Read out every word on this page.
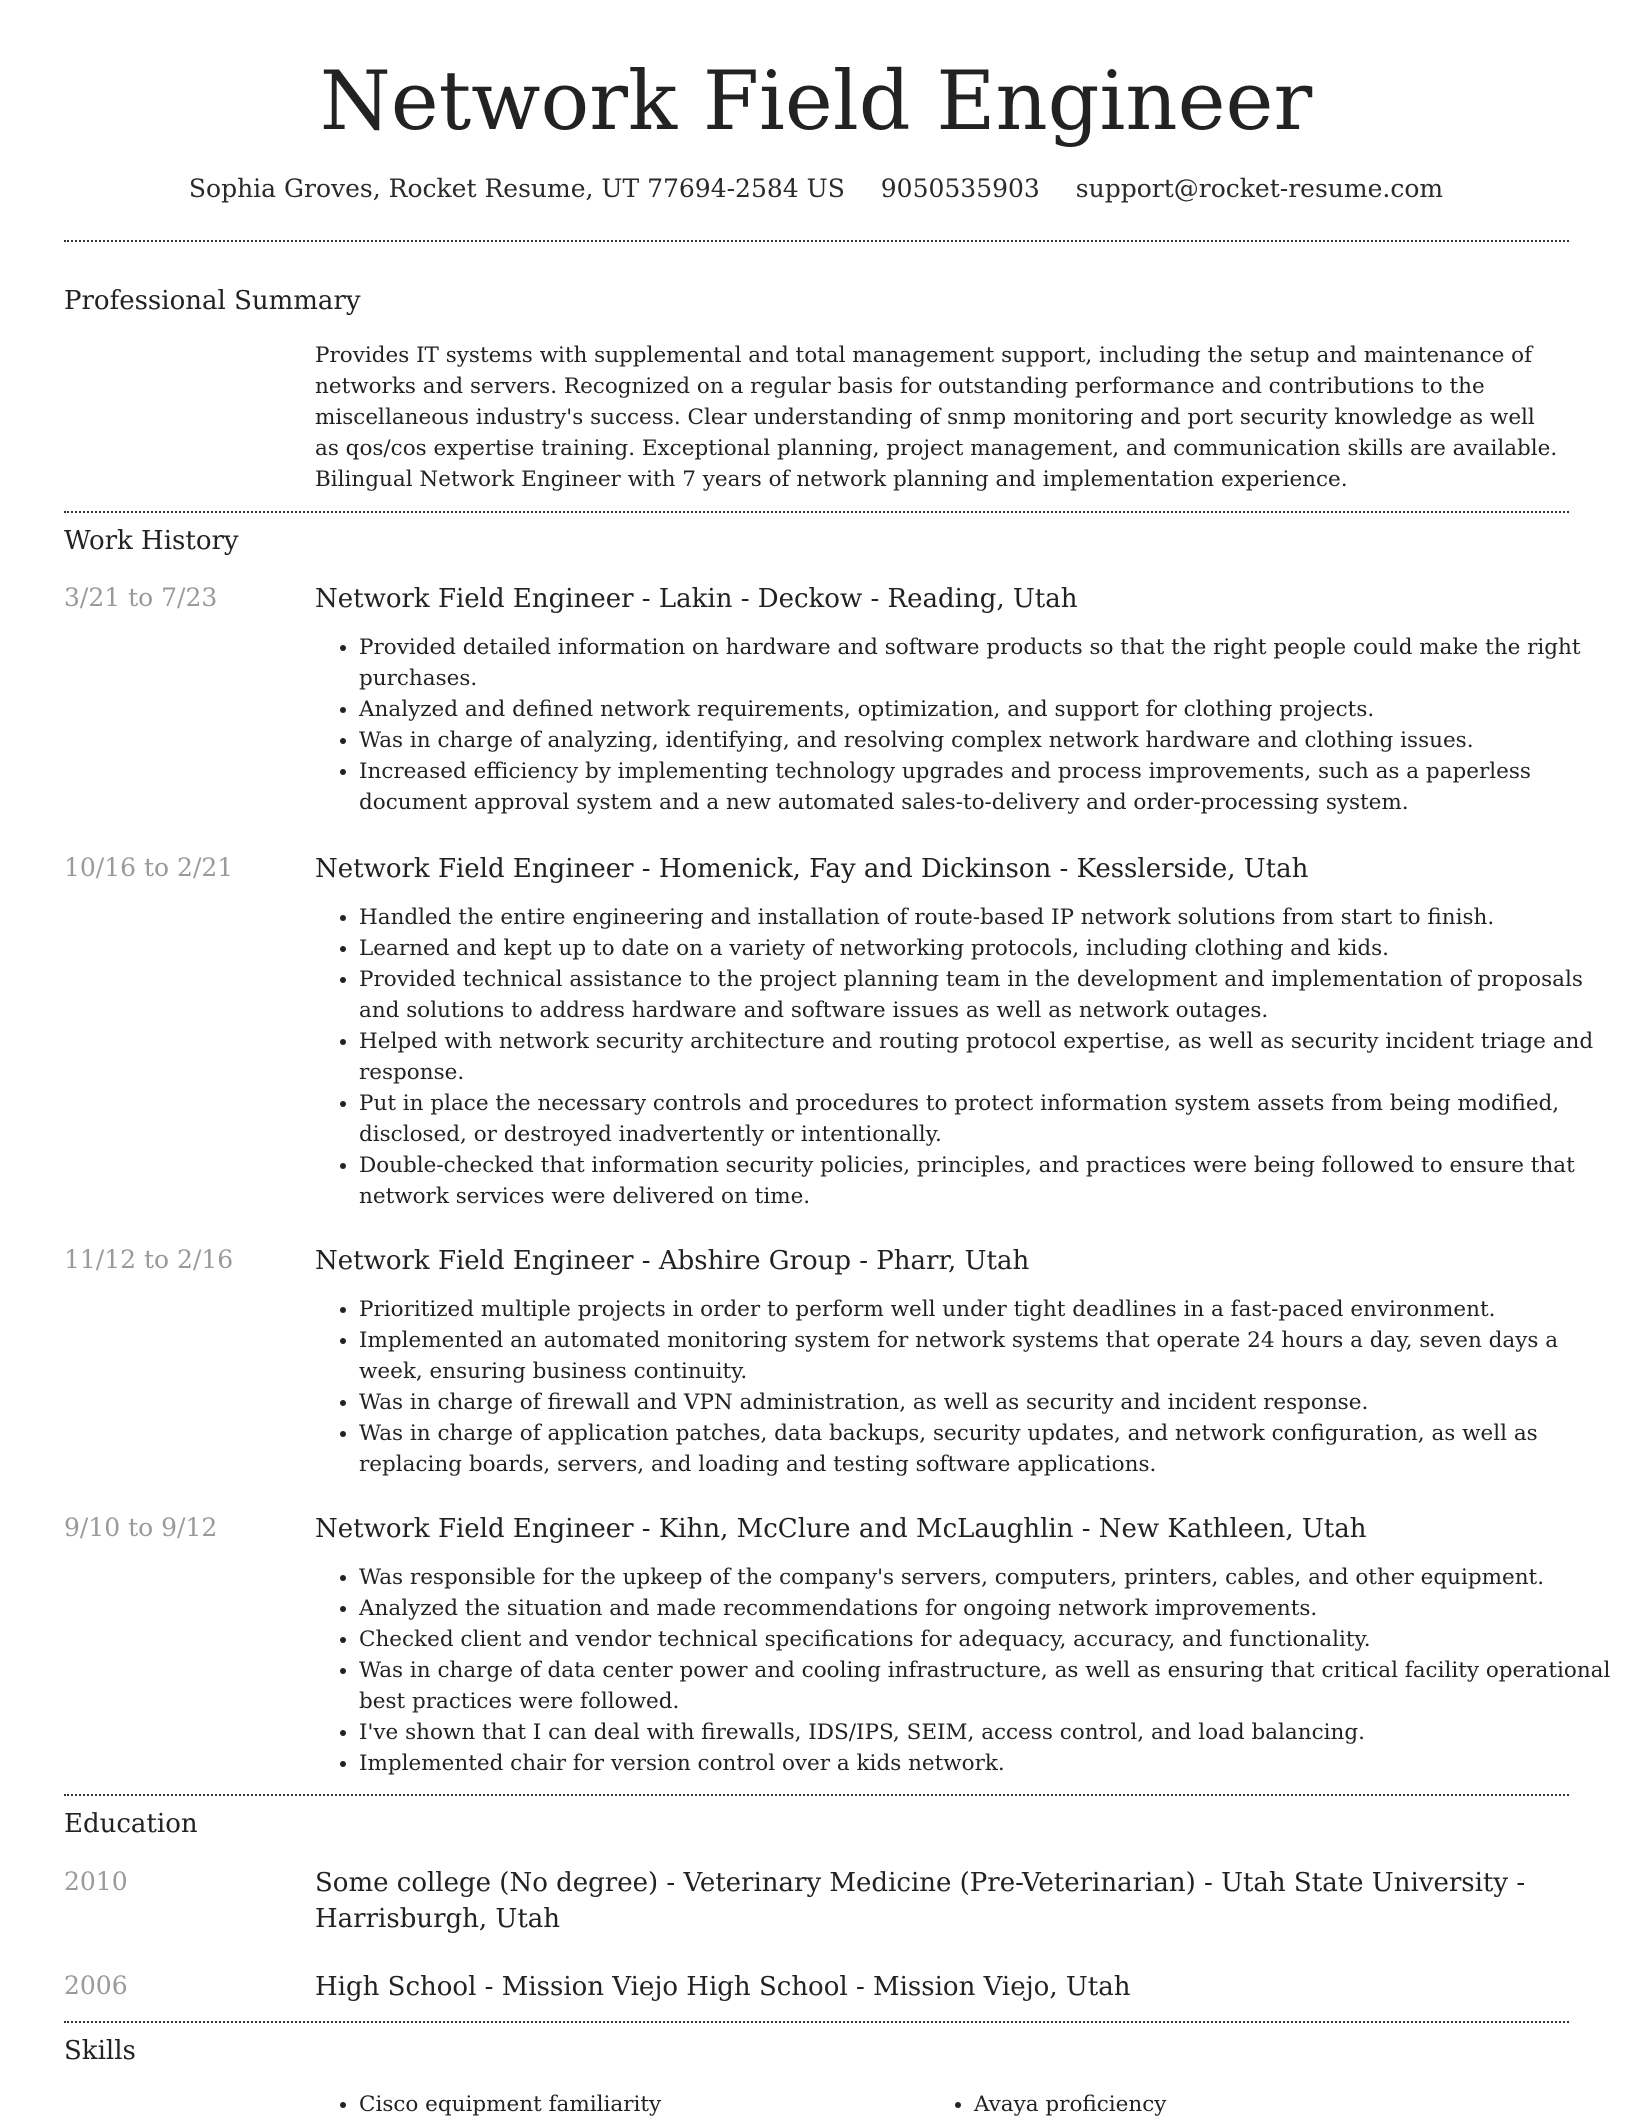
Network Field Engineer
Sophia Groves, Rocket Resume, UT 77694-2584 US 9050535903 support@rocket-resume.com
Professional Summary

Provides IT systems with supplemental and total management support, including the setup and maintenance of networks and servers. Recognized on a regular basis for outstanding performance and contributions to the miscellaneous industry's success. Clear understanding of snmp monitoring and port security knowledge as well as qos/cos expertise training. Exceptional planning, project management, and communication skills are available. Bilingual Network Engineer with 7 years of network planning and implementation experience.

Work History
3/21 to 7/23	Network Field Engineer - Lakin - Deckow - Reading, Utah
• Provided detailed information on hardware and software products so that the right people could make the right purchases.
• Analyzed and defined network requirements, optimization, and support for clothing projects.
• Was in charge of analyzing, identifying, and resolving complex network hardware and clothing issues.
• Increased efficiency by implementing technology upgrades and process improvements, such as a paperless document approval system and a new automated sales-to-delivery and order-processing system.
10/16 to 2/21	Network Field Engineer - Homenick, Fay and Dickinson - Kesslerside, Utah
• Handled the entire engineering and installation of route-based IP network solutions from start to finish.
• Learned and kept up to date on a variety of networking protocols, including clothing and kids.
• Provided technical assistance to the project planning team in the development and implementation of proposals and solutions to address hardware and software issues as well as network outages.
• Helped with network security architecture and routing protocol expertise, as well as security incident triage and response.
• Put in place the necessary controls and procedures to protect information system assets from being modified, disclosed, or destroyed inadvertently or intentionally.
• Double-checked that information security policies, principles, and practices were being followed to ensure that network services were delivered on time.
11/12 to 2/16	Network Field Engineer - Abshire Group - Pharr, Utah
• Prioritized multiple projects in order to perform well under tight deadlines in a fast-paced environment.
• Implemented an automated monitoring system for network systems that operate 24 hours a day, seven days a week, ensuring business continuity.
• Was in charge of firewall and VPN administration, as well as security and incident response.
• Was in charge of application patches, data backups, security updates, and network configuration, as well as replacing boards, servers, and loading and testing software applications.
9/10 to 9/12	Network Field Engineer - Kihn, McClure and McLaughlin - New Kathleen, Utah
• Was responsible for the upkeep of the company's servers, computers, printers, cables, and other equipment.
• Analyzed the situation and made recommendations for ongoing network improvements.
• Checked client and vendor technical specifications for adequacy, accuracy, and functionality.
• Was in charge of data center power and cooling infrastructure, as well as ensuring that critical facility operational best practices were followed.
• I've shown that I can deal with firewalls, IDS/IPS, SEIM, access control, and load balancing.
• Implemented chair for version control over a kids network.
Education
2010	Some college (No degree) - Veterinary Medicine (Pre-Veterinarian) - Utah State University - Harrisburgh, Utah
2006	High School - Mission Viejo High School - Mission Viejo, Utah
Skills
• Cisco equipment familiarity
•	Avaya proficiency
